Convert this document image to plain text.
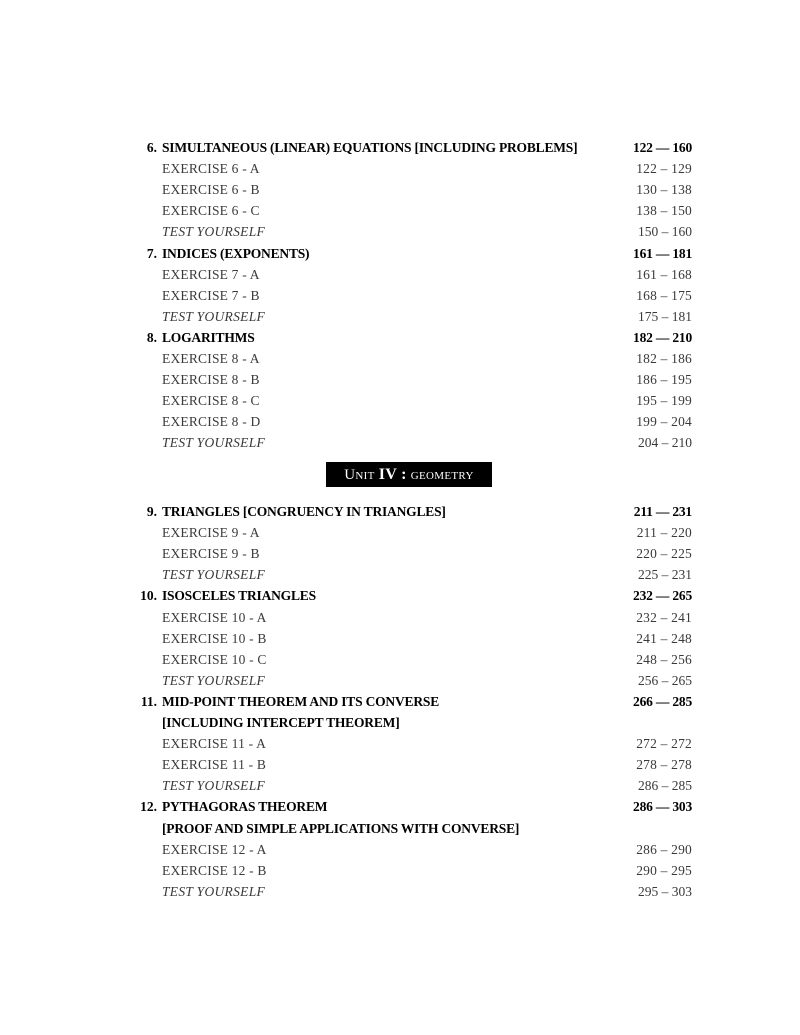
6. SIMULTANEOUS (LINEAR) EQUATIONS [INCLUDING PROBLEMS]	122 — 160
EXERCISE 6 - A	122 – 129
EXERCISE 6 - B	130 – 138
EXERCISE 6 - C	138 – 150
TEST YOURSELF	150 – 160
7. INDICES (EXPONENTS)	161 — 181
EXERCISE 7 - A	161 – 168
EXERCISE 7 - B	168 – 175
TEST YOURSELF	175 – 181
8. LOGARITHMS	182 — 210
EXERCISE 8 - A	182 – 186
EXERCISE 8 - B	186 – 195
EXERCISE 8 - C	195 – 199
EXERCISE 8 - D	199 – 204
TEST YOURSELF	204 – 210
9. TRIANGLES [CONGRUENCY IN TRIANGLES]	211 — 231
EXERCISE 9 - A	211 – 220
EXERCISE 9 - B	220 – 225
TEST YOURSELF	225 – 231
10. ISOSCELES TRIANGLES	232 — 265
EXERCISE 10 - A	232 – 241
EXERCISE 10 - B	241 – 248
EXERCISE 10 - C	248 – 256
TEST YOURSELF	256 – 265
11. MID-POINT THEOREM AND ITS CONVERSE	266 — 285
[INCLUDING INTERCEPT THEOREM]
EXERCISE 11 - A	272 – 272
EXERCISE 11 - B	278 – 278
TEST YOURSELF	286 – 285
12. PYTHAGORAS THEOREM	286 — 303
[PROOF AND SIMPLE APPLICATIONS WITH CONVERSE]
EXERCISE 12 - A	286 – 290
EXERCISE 12 - B	290 – 295
TEST YOURSELF	295 – 303
Unit IV : geometry
